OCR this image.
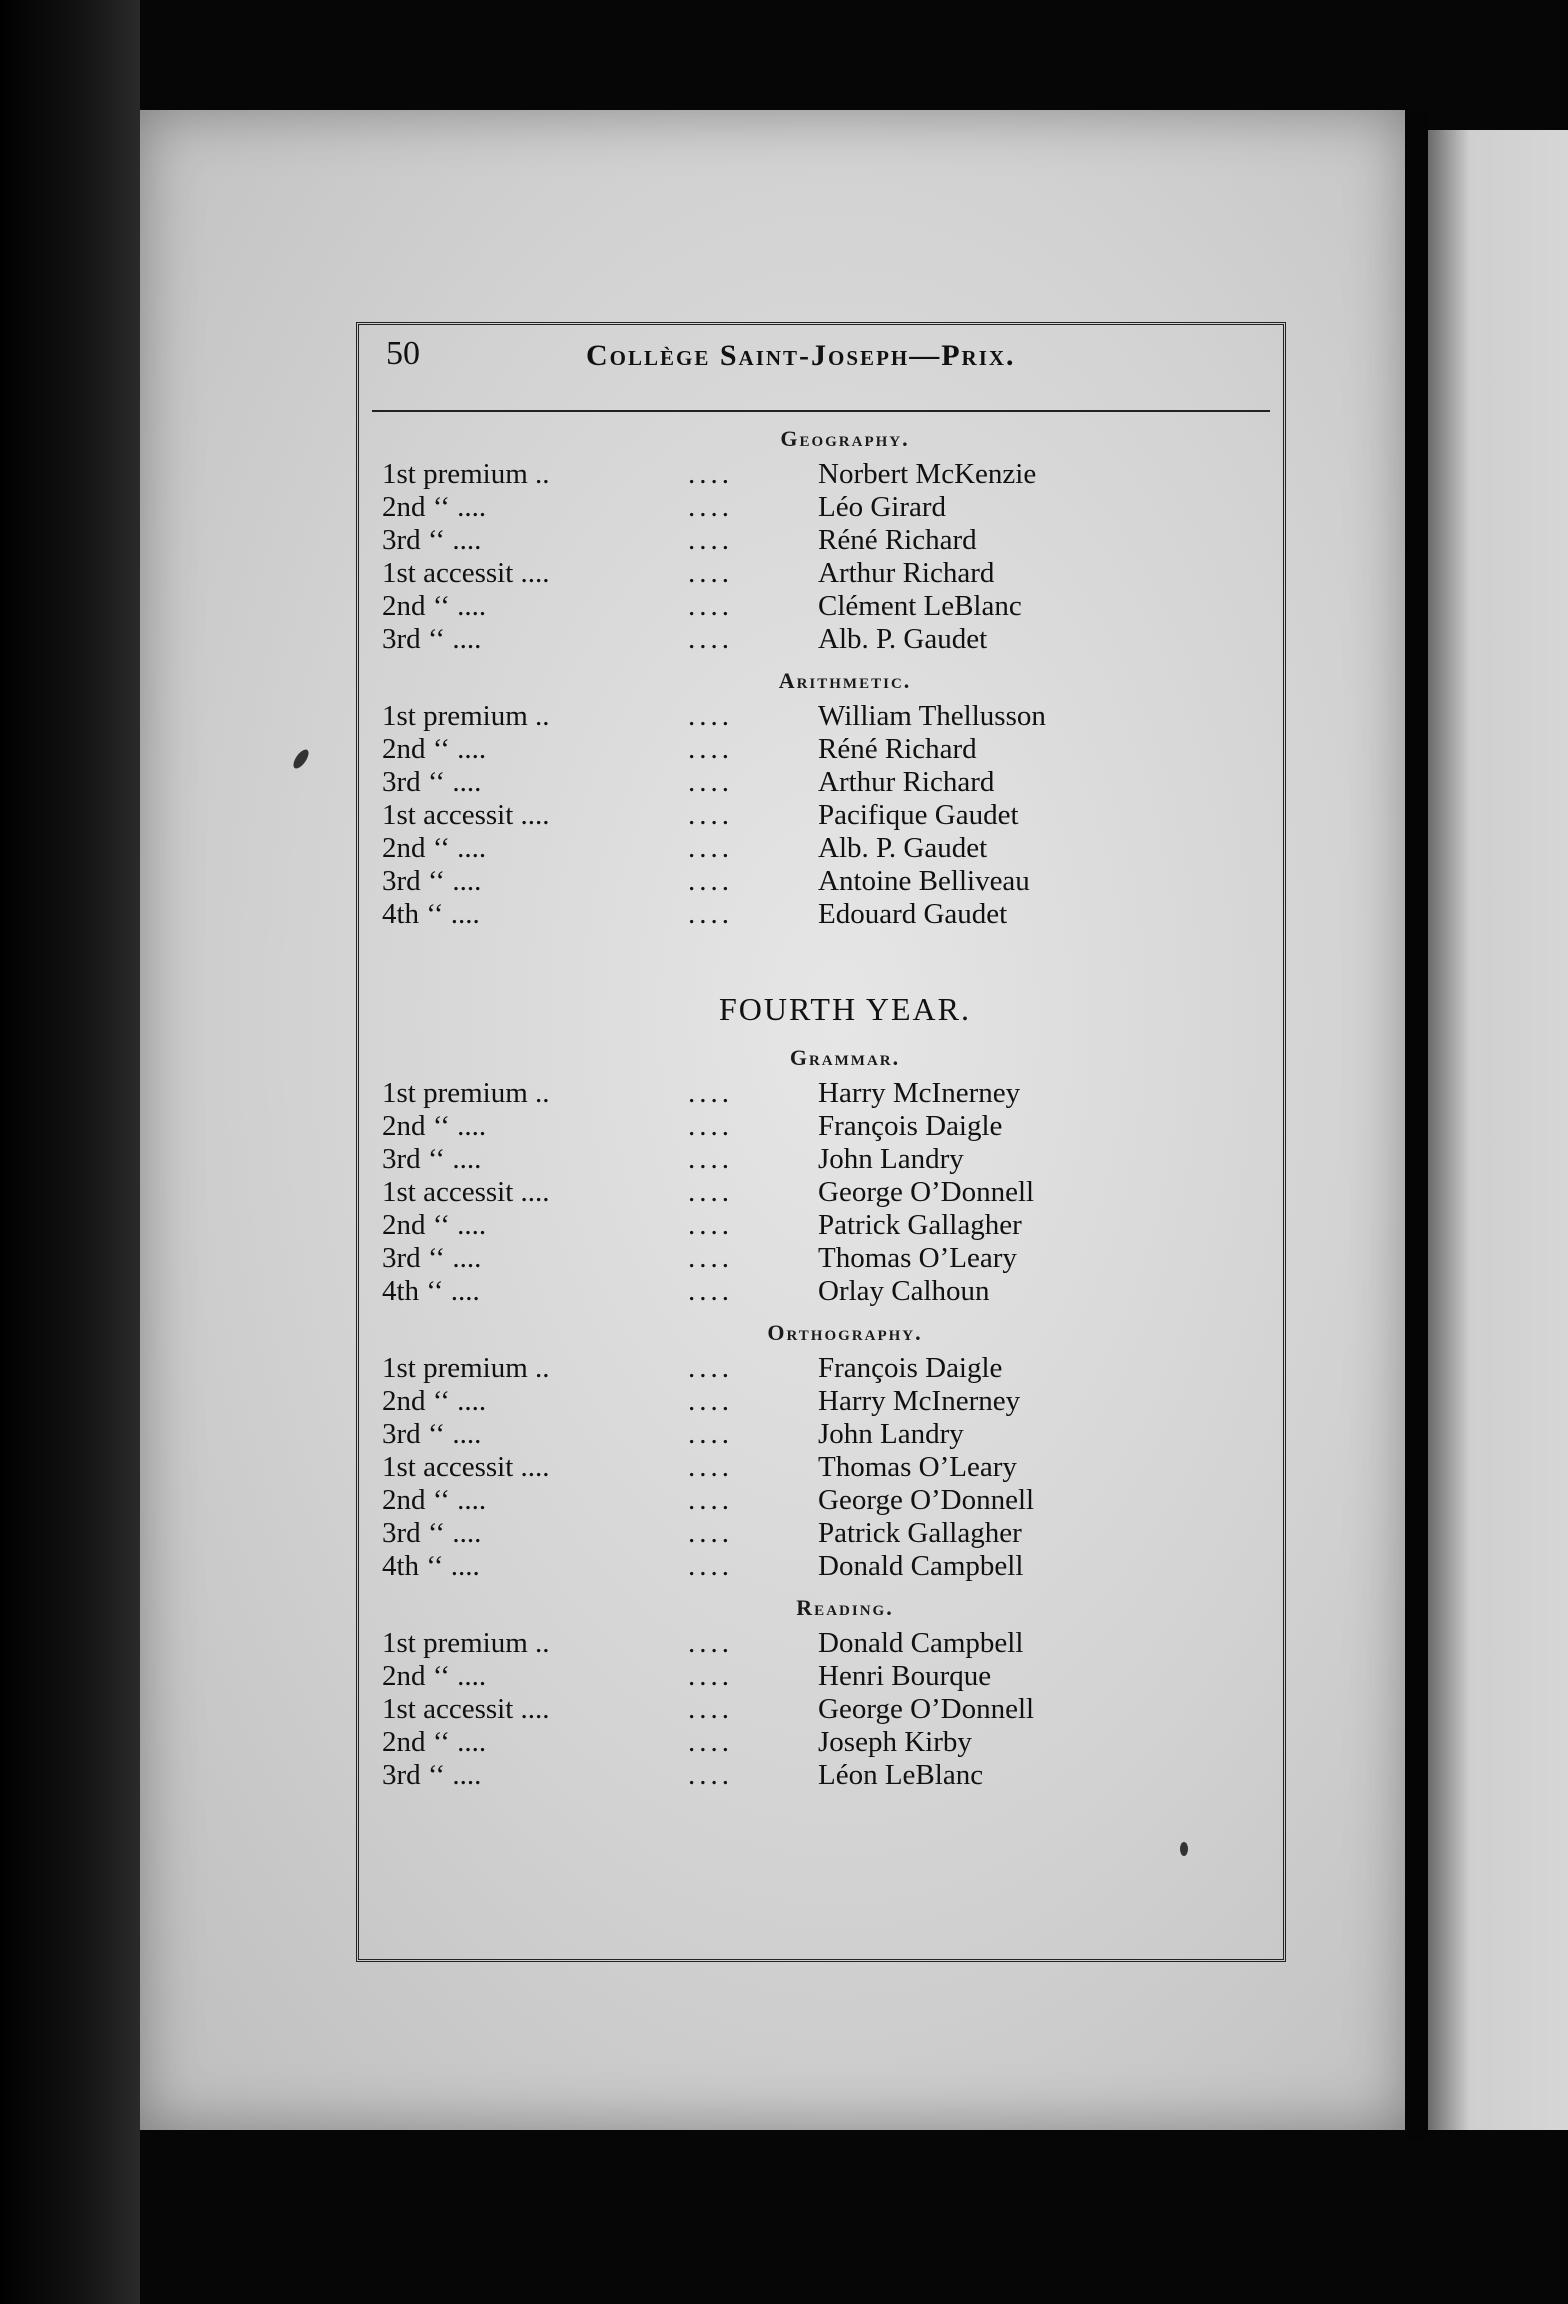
50	Collège Saint-Joseph—Prix.
Geography.
1st premium ..	....	Norbert McKenzie
2nd ‘‘ ....	....	Léo Girard
3rd ‘‘ ....	....	Réné Richard
1st accessit ....	....	Arthur Richard
2nd ‘‘ ....	....	Clément LeBlanc
3rd ‘‘ ....	....	Alb. P. Gaudet
Arithmetic.
1st premium ..	....	William Thellusson
2nd ‘‘ ....	....	Réné Richard
3rd ‘‘ ....	....	Arthur Richard
1st accessit ....	....	Pacifique Gaudet
2nd ‘‘ ....	....	Alb. P. Gaudet
3rd ‘‘ ....	....	Antoine Belliveau
4th ‘‘ ....	....	Edouard Gaudet
FOURTH YEAR.
Grammar.
1st premium ..	....	Harry McInerney
2nd ‘‘ ....	....	François Daigle
3rd ‘‘ ....	....	John Landry
1st accessit ....	....	George O’Donnell
2nd ‘‘ ....	....	Patrick Gallagher
3rd ‘‘ ....	....	Thomas O’Leary
4th ‘‘ ....	....	Orlay Calhoun
Orthography.
1st premium ..	....	François Daigle
2nd ‘‘ ....	....	Harry McInerney
3rd ‘‘ ....	....	John Landry
1st accessit ....	....	Thomas O’Leary
2nd ‘‘ ....	....	George O’Donnell
3rd ‘‘ ....	....	Patrick Gallagher
4th ‘‘ ....	....	Donald Campbell
Reading.
1st premium ..	....	Donald Campbell
2nd ‘‘ ....	....	Henri Bourque
1st accessit ....	....	George O’Donnell
2nd ‘‘ ....	....	Joseph Kirby
3rd ‘‘ ....	....	Léon LeBlanc
